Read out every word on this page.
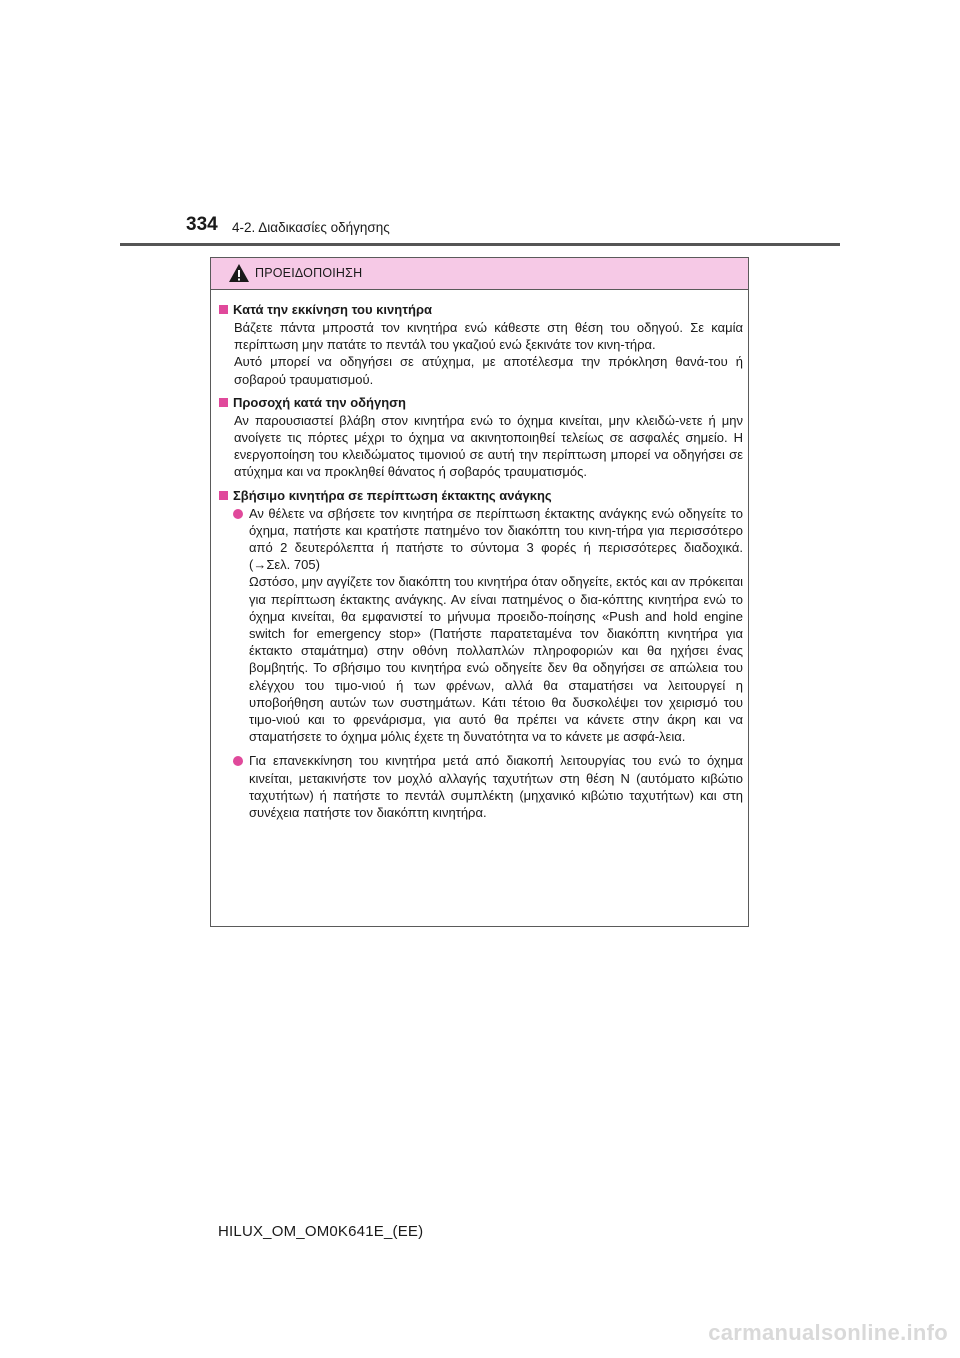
334 4-2. Διαδικασίες οδήγησης
ΠΡΟΕΙΔΟΠΟΙΗΣΗ
Κατά την εκκίνηση του κινητήρα

Βάζετε πάντα μπροστά τον κινητήρα ενώ κάθεστε στη θέση του οδηγού. Σε καμία περίπτωση μην πατάτε το πεντάλ του γκαζιού ενώ ξεκινάτε τον κινη-τήρα.

Αυτό μπορεί να οδηγήσει σε ατύχημα, με αποτέλεσμα την πρόκληση θανά-του ή σοβαρού τραυματισμού.

Προσοχή κατά την οδήγηση

Αν παρουσιαστεί βλάβη στον κινητήρα ενώ το όχημα κινείται, μην κλειδώ-νετε ή μην ανοίγετε τις πόρτες μέχρι το όχημα να ακινητοποιηθεί τελείως σε ασφαλές σημείο. Η ενεργοποίηση του κλειδώματος τιμονιού σε αυτή την περίπτωση μπορεί να οδηγήσει σε ατύχημα και να προκληθεί θάνατος ή σοβαρός τραυματισμός.

Σβήσιμο κινητήρα σε περίπτωση έκτακτης ανάγκης

Αν θέλετε να σβήσετε τον κινητήρα σε περίπτωση έκτακτης ανάγκης ενώ οδηγείτε το όχημα, πατήστε και κρατήστε πατημένο τον διακόπτη του κινη-τήρα για περισσότερο από 2 δευτερόλεπτα ή πατήστε το σύντομα 3 φορές ή περισσότερες διαδοχικά. (→Σελ. 705)

Ωστόσο, μην αγγίζετε τον διακόπτη του κινητήρα όταν οδηγείτε, εκτός και αν πρόκειται για περίπτωση έκτακτης ανάγκης. Αν είναι πατημένος ο δια-κόπτης κινητήρα ενώ το όχημα κινείται, θα εμφανιστεί το μήνυμα προειδο-ποίησης «Push and hold engine switch for emergency stop» (Πατήστε παρατεταμένα τον διακόπτη κινητήρα για έκτακτο σταμάτημα) στην οθόνη πολλαπλών πληροφοριών και θα ηχήσει ένας βομβητής. Το σβήσιμο του κινητήρα ενώ οδηγείτε δεν θα οδηγήσει σε απώλεια του ελέγχου του τιμο-νιού ή των φρένων, αλλά θα σταματήσει να λειτουργεί η υποβοήθηση αυτών των συστημάτων. Κάτι τέτοιο θα δυσκολέψει τον χειρισμό του τιμο-νιού και το φρενάρισμα, για αυτό θα πρέπει να κάνετε στην άκρη και να σταματήσετε το όχημα μόλις έχετε τη δυνατότητα να το κάνετε με ασφά-λεια.

Για επανεκκίνηση του κινητήρα μετά από διακοπή λειτουργίας του ενώ το όχημα κινείται, μετακινήστε τον μοχλό αλλαγής ταχυτήτων στη θέση N (αυτόματο κιβώτιο ταχυτήτων) ή πατήστε το πεντάλ συμπλέκτη (μηχανικό κιβώτιο ταχυτήτων) και στη συνέχεια πατήστε τον διακόπτη κινητήρα.

HILUX_OM_OM0K641E_(EE)
carmanualsonline.info
